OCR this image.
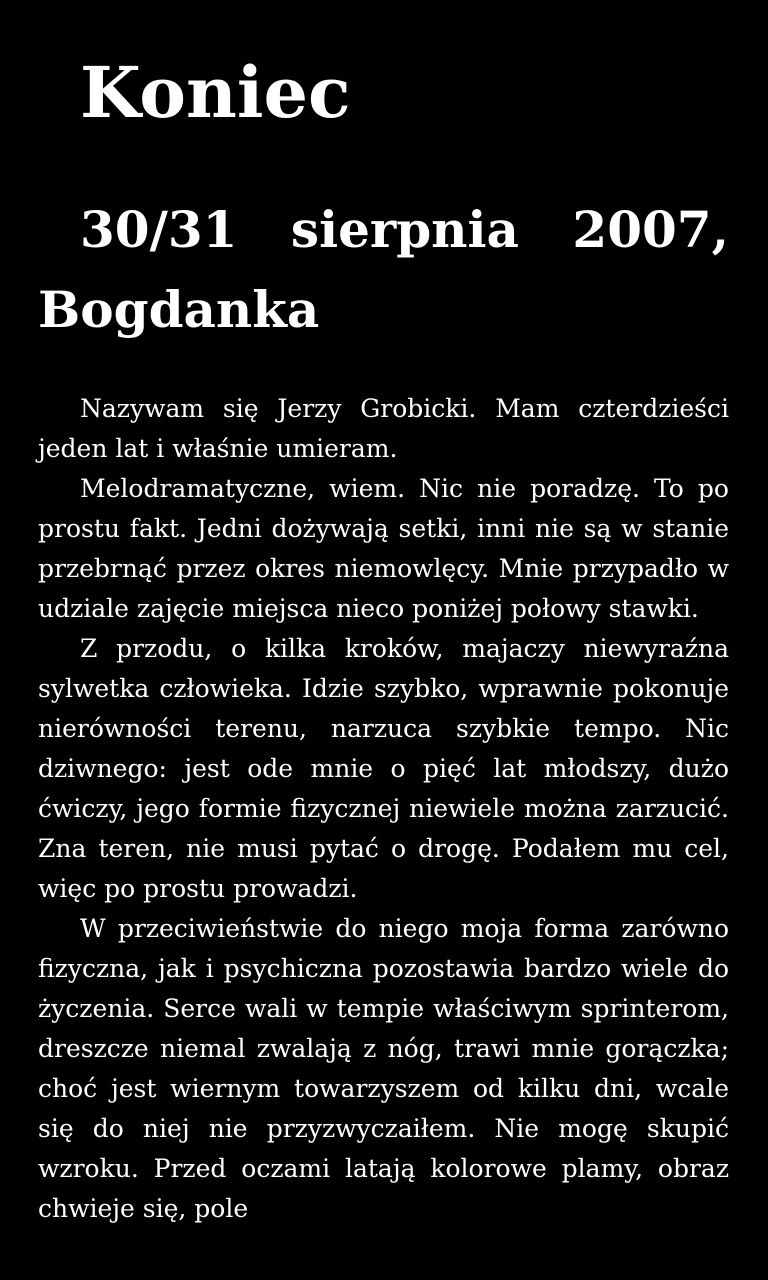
Koniec
30/31 sierpnia 2007, Bogdanka

Nazywam się Jerzy Grobicki. Mam czterdzieści jeden lat i właśnie umieram.

Melodramatyczne, wiem. Nic nie poradzę. To po prostu fakt. Jedni dożywają setki, inni nie są w stanie przebrnąć przez okres niemowlęcy. Mnie przypadło w udziale zajęcie miejsca nieco poniżej połowy stawki.

Z przodu, o kilka kroków, majaczy niewyraźna sylwetka człowieka. Idzie szybko, wprawnie pokonuje nierówności terenu, narzuca szybkie tempo. Nic dziwnego: jest ode mnie o pięć lat młodszy, dużo ćwiczy, jego formie fizycznej niewiele można zarzucić. Zna teren, nie musi pytać o drogę. Podałem mu cel, więc po prostu prowadzi.

W przeciwieństwie do niego moja forma zarówno fizyczna, jak i psychiczna pozostawia bardzo wiele do życzenia. Serce wali w tempie właściwym sprinterom, dreszcze niemal zwalają z nóg, trawi mnie gorączka; choć jest wiernym towarzyszem od kilku dni, wcale się do niej nie przyzwyczaiłem. Nie mogę skupić wzroku. Przed oczami latają kolorowe plamy, obraz chwieje się, pole
